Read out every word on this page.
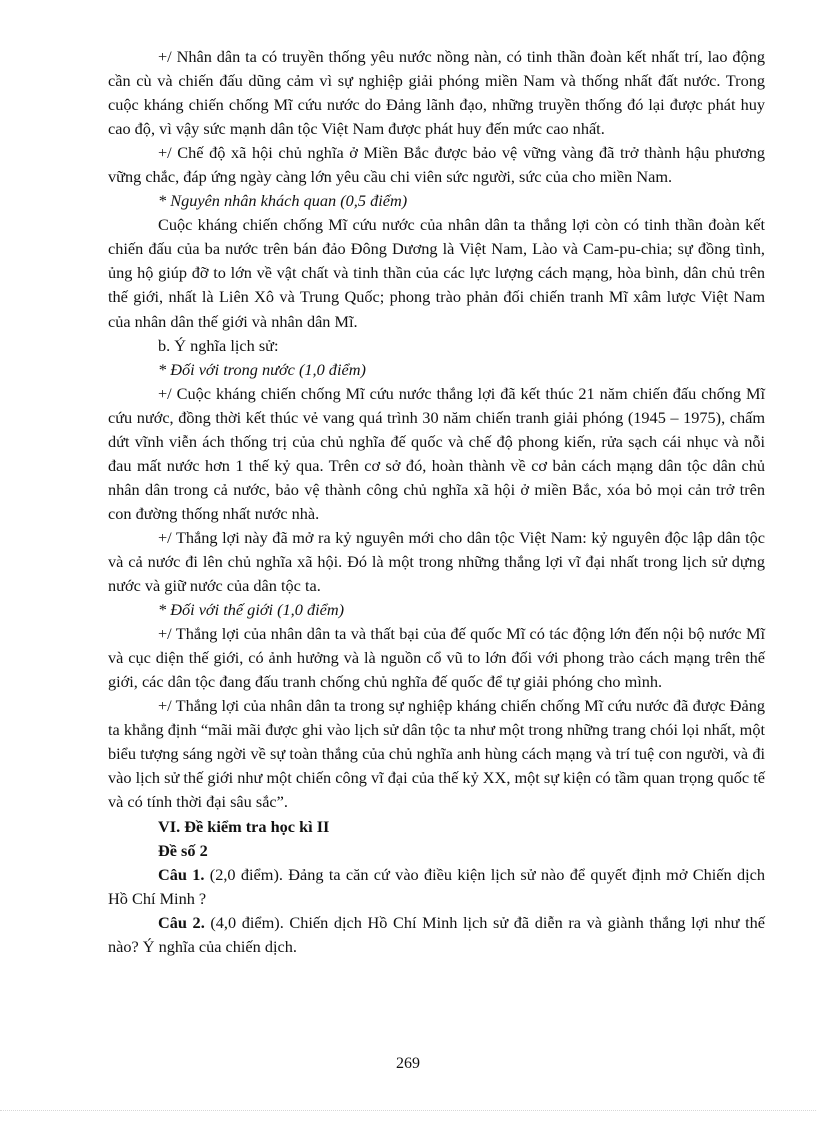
+/ Nhân dân ta có truyền thống yêu nước nồng nàn, có tinh thần đoàn kết nhất trí, lao động cần cù và chiến đấu dũng cảm vì sự nghiệp giải phóng miền Nam và thống nhất đất nước. Trong cuộc kháng chiến chống Mĩ cứu nước do Đảng lãnh đạo, những truyền thống đó lại được phát huy cao độ, vì vậy sức mạnh dân tộc Việt Nam được phát huy đến mức cao nhất.

+/ Chế độ xã hội chủ nghĩa ở Miền Bắc được bảo vệ vững vàng đã trở thành hậu phương vững chắc, đáp ứng ngày càng lớn yêu cầu chi viên sức người, sức của cho miền Nam.

* Nguyên nhân khách quan (0,5 điểm)

Cuộc kháng chiến chống Mĩ cứu nước của nhân dân ta thắng lợi còn có tinh thần đoàn kết chiến đấu của ba nước trên bán đảo Đông Dương là Việt Nam, Lào và Cam-pu-chia; sự đồng tình, ủng hộ giúp đỡ to lớn về vật chất và tinh thần của các lực lượng cách mạng, hòa bình, dân chủ trên thế giới, nhất là Liên Xô và Trung Quốc; phong trào phản đối chiến tranh Mĩ xâm lược Việt Nam của nhân dân thế giới và nhân dân Mĩ.

b. Ý nghĩa lịch sử:

* Đối với trong nước (1,0 điểm)

+/ Cuộc kháng chiến chống Mĩ cứu nước thắng lợi đã kết thúc 21 năm chiến đấu chống Mĩ cứu nước, đồng thời kết thúc vẻ vang quá trình 30 năm chiến tranh giải phóng (1945 – 1975), chấm dứt vĩnh viễn ách thống trị của chủ nghĩa đế quốc và chế độ phong kiến, rửa sạch cái nhục và nỗi đau mất nước hơn 1 thế kỷ qua. Trên cơ sở đó, hoàn thành về cơ bản cách mạng dân tộc dân chủ nhân dân trong cả nước, bảo vệ thành công chủ nghĩa xã hội ở miền Bắc, xóa bỏ mọi cản trở trên con đường thống nhất nước nhà.

+/ Thắng lợi này đã mở ra kỷ nguyên mới cho dân tộc Việt Nam: kỷ nguyên độc lập dân tộc và cả nước đi lên chủ nghĩa xã hội. Đó là một trong những thắng lợi vĩ đại nhất trong lịch sử dựng nước và giữ nước của dân tộc ta.

* Đối với thế giới (1,0 điểm)

+/ Thắng lợi của nhân dân ta và thất bại của đế quốc Mĩ có tác động lớn đến nội bộ nước Mĩ và cục diện thế giới, có ảnh hưởng và là nguồn cổ vũ to lớn đối với phong trào cách mạng trên thế giới, các dân tộc đang đấu tranh chống chủ nghĩa đế quốc để tự giải phóng cho mình.

+/ Thắng lợi của nhân dân ta trong sự nghiệp kháng chiến chống Mĩ cứu nước đã được Đảng ta khẳng định “mãi mãi được ghi vào lịch sử dân tộc ta như một trong những trang chói lọi nhất, một biểu tượng sáng ngời về sự toàn thắng của chủ nghĩa anh hùng cách mạng và trí tuệ con người, và đi vào lịch sử thế giới như một chiến công vĩ đại của thế kỷ XX, một sự kiện có tầm quan trọng quốc tế và có tính thời đại sâu sắc”.

VI. Đề kiểm tra học kì II

Đề số 2

Câu 1. (2,0 điểm). Đảng ta căn cứ vào điều kiện lịch sử nào để quyết định mở Chiến dịch Hồ Chí Minh ?

Câu 2. (4,0 điểm). Chiến dịch Hồ Chí Minh lịch sử đã diễn ra và giành thắng lợi như thế nào? Ý nghĩa của chiến dịch.

269
